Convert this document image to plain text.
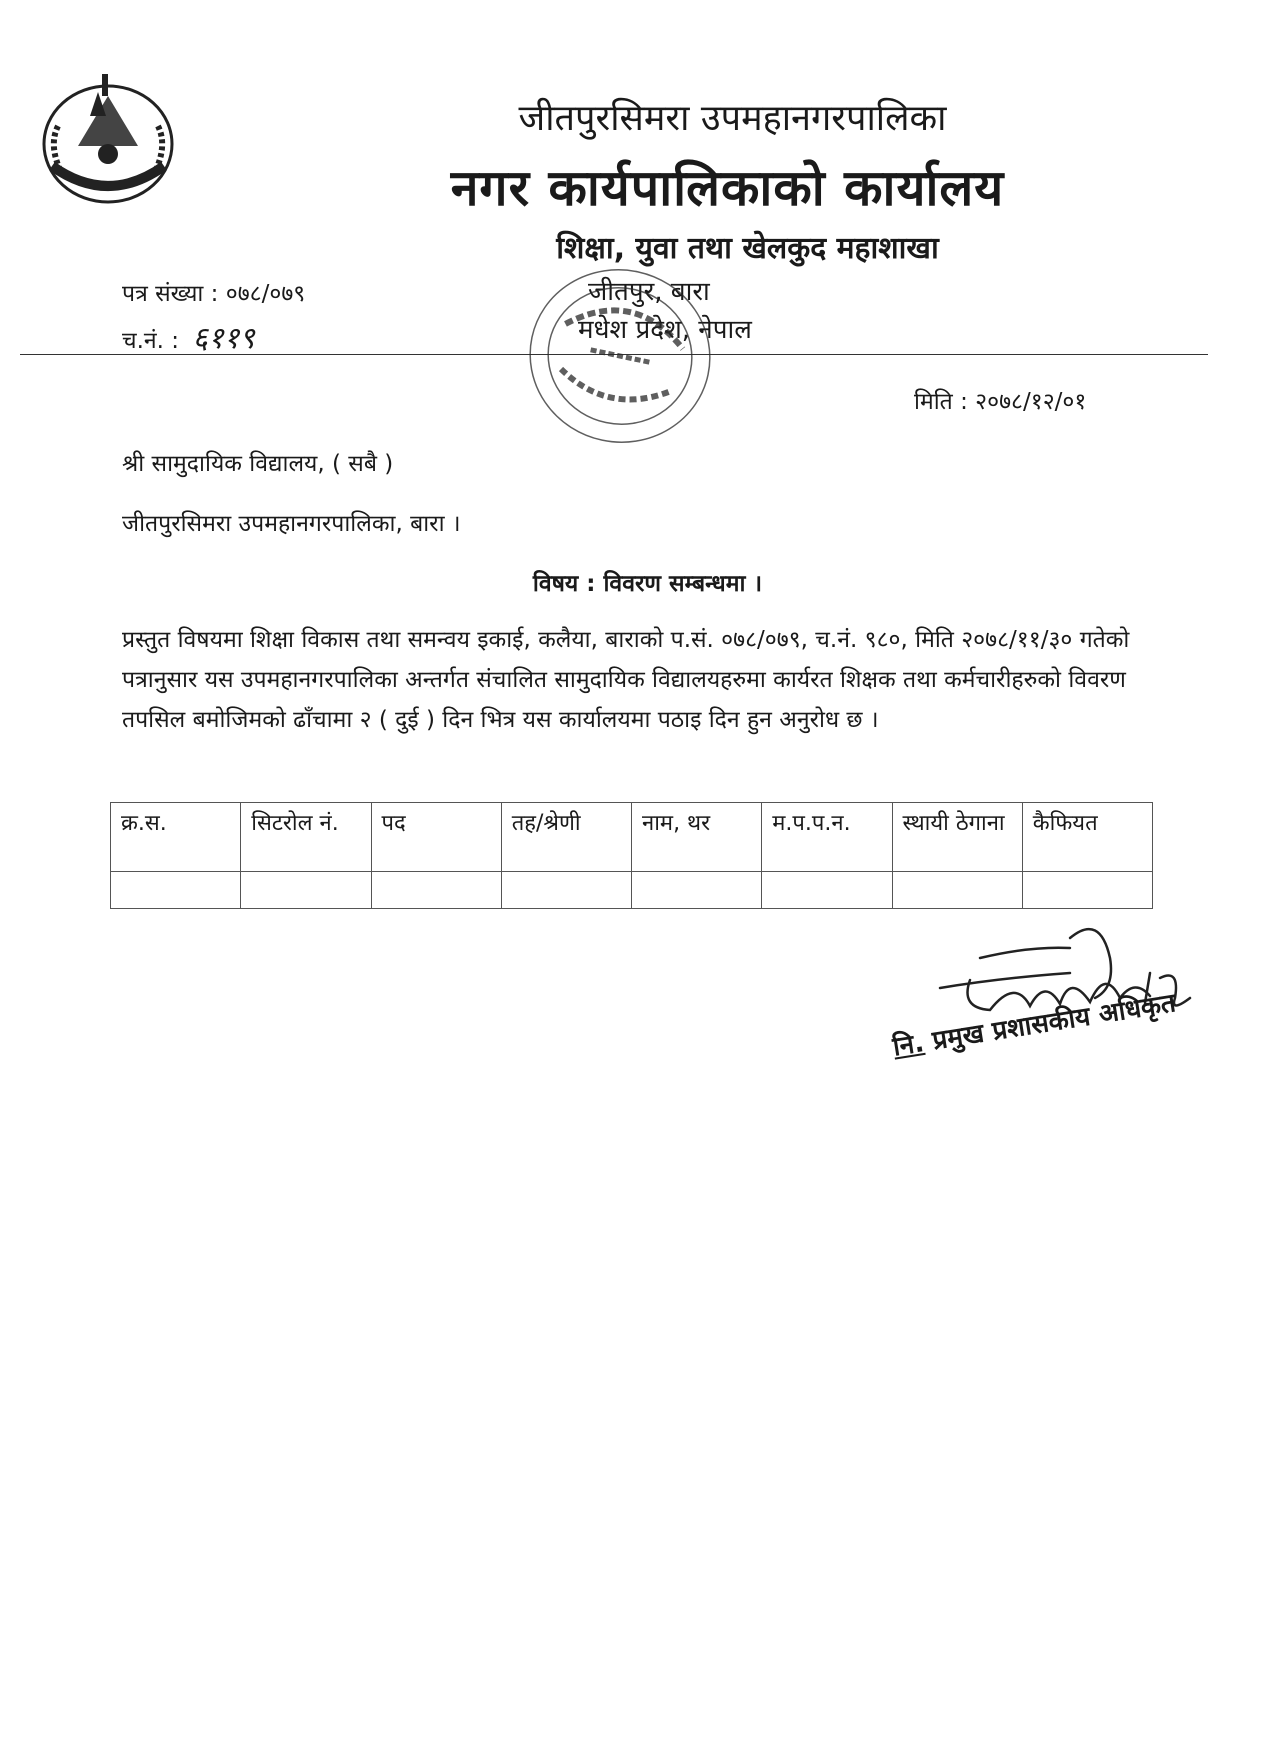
जीतपुरसिमरा उपमहानगरपालिका
नगर कार्यपालिकाको कार्यालय
शिक्षा, युवा तथा खेलकुद महाशाखा
जीतपुर, बारा
मधेश प्रदेश, नेपाल
पत्र संख्या : ०७८/०७९
च.नं. : ६११९
मिति : २०७८/१२/०१
श्री सामुदायिक विद्यालय, ( सबै )
जीतपुरसिमरा उपमहानगरपालिका, बारा ।
विषय : विवरण सम्बन्धमा ।
प्रस्तुत विषयमा शिक्षा विकास तथा समन्वय इकाई, कलैया, बाराको प.सं. ०७८/०७९, च.नं. ९८०, मिति २०७८/११/३० गतेको पत्रानुसार यस उपमहानगरपालिका अन्तर्गत संचालित सामुदायिक विद्यालयहरुमा कार्यरत शिक्षक तथा कर्मचारीहरुको विवरण तपसिल बमोजिमको ढाँचामा २ ( दुई ) दिन भित्र यस कार्यालयमा पठाइ दिन हुन अनुरोध छ ।
क्र.स.	सिटरोल नं.	पद	तह/श्रेणी	नाम, थर	म.प.प.न.	स्थायी ठेगाना	कैफियत

नि. प्रमुख प्रशासकीय अधिकृत
